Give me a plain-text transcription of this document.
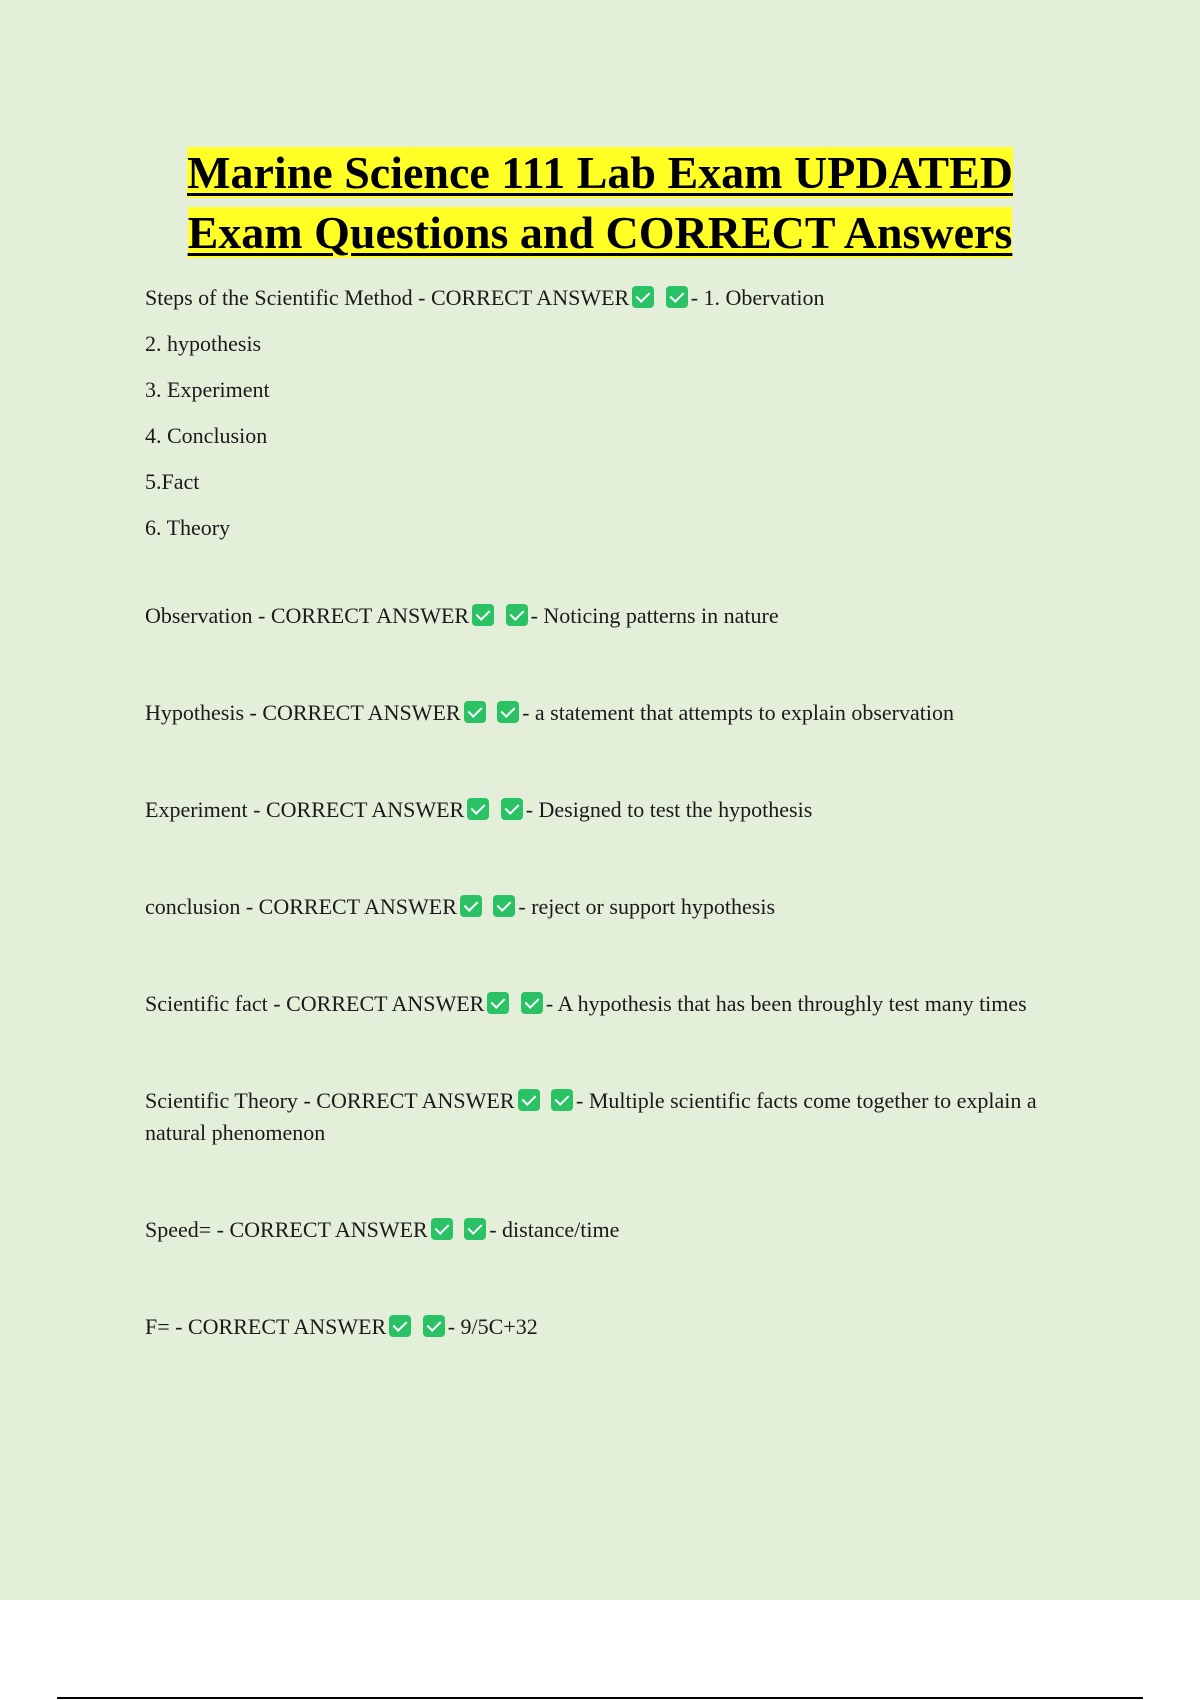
Marine Science 111 Lab Exam UPDATED
Exam Questions and CORRECT Answers

Steps of the Scientific Method - CORRECT ANSWER	- 1. Obervation

2. hypothesis

3. Experiment

4. Conclusion

5.Fact

6. Theory

Observation - CORRECT ANSWER	- Noticing patterns in nature

Hypothesis - CORRECT ANSWER	- a statement that attempts to explain observation

Experiment - CORRECT ANSWER	- Designed to test the hypothesis

conclusion - CORRECT ANSWER	- reject or support hypothesis

Scientific fact - CORRECT ANSWER	- A hypothesis that has been throughly test many times

Scientific Theory - CORRECT ANSWER	- Multiple scientific facts come together to explain a natural phenomenon

Speed= - CORRECT ANSWER	- distance/time

F= - CORRECT ANSWER	- 9/5C+32
